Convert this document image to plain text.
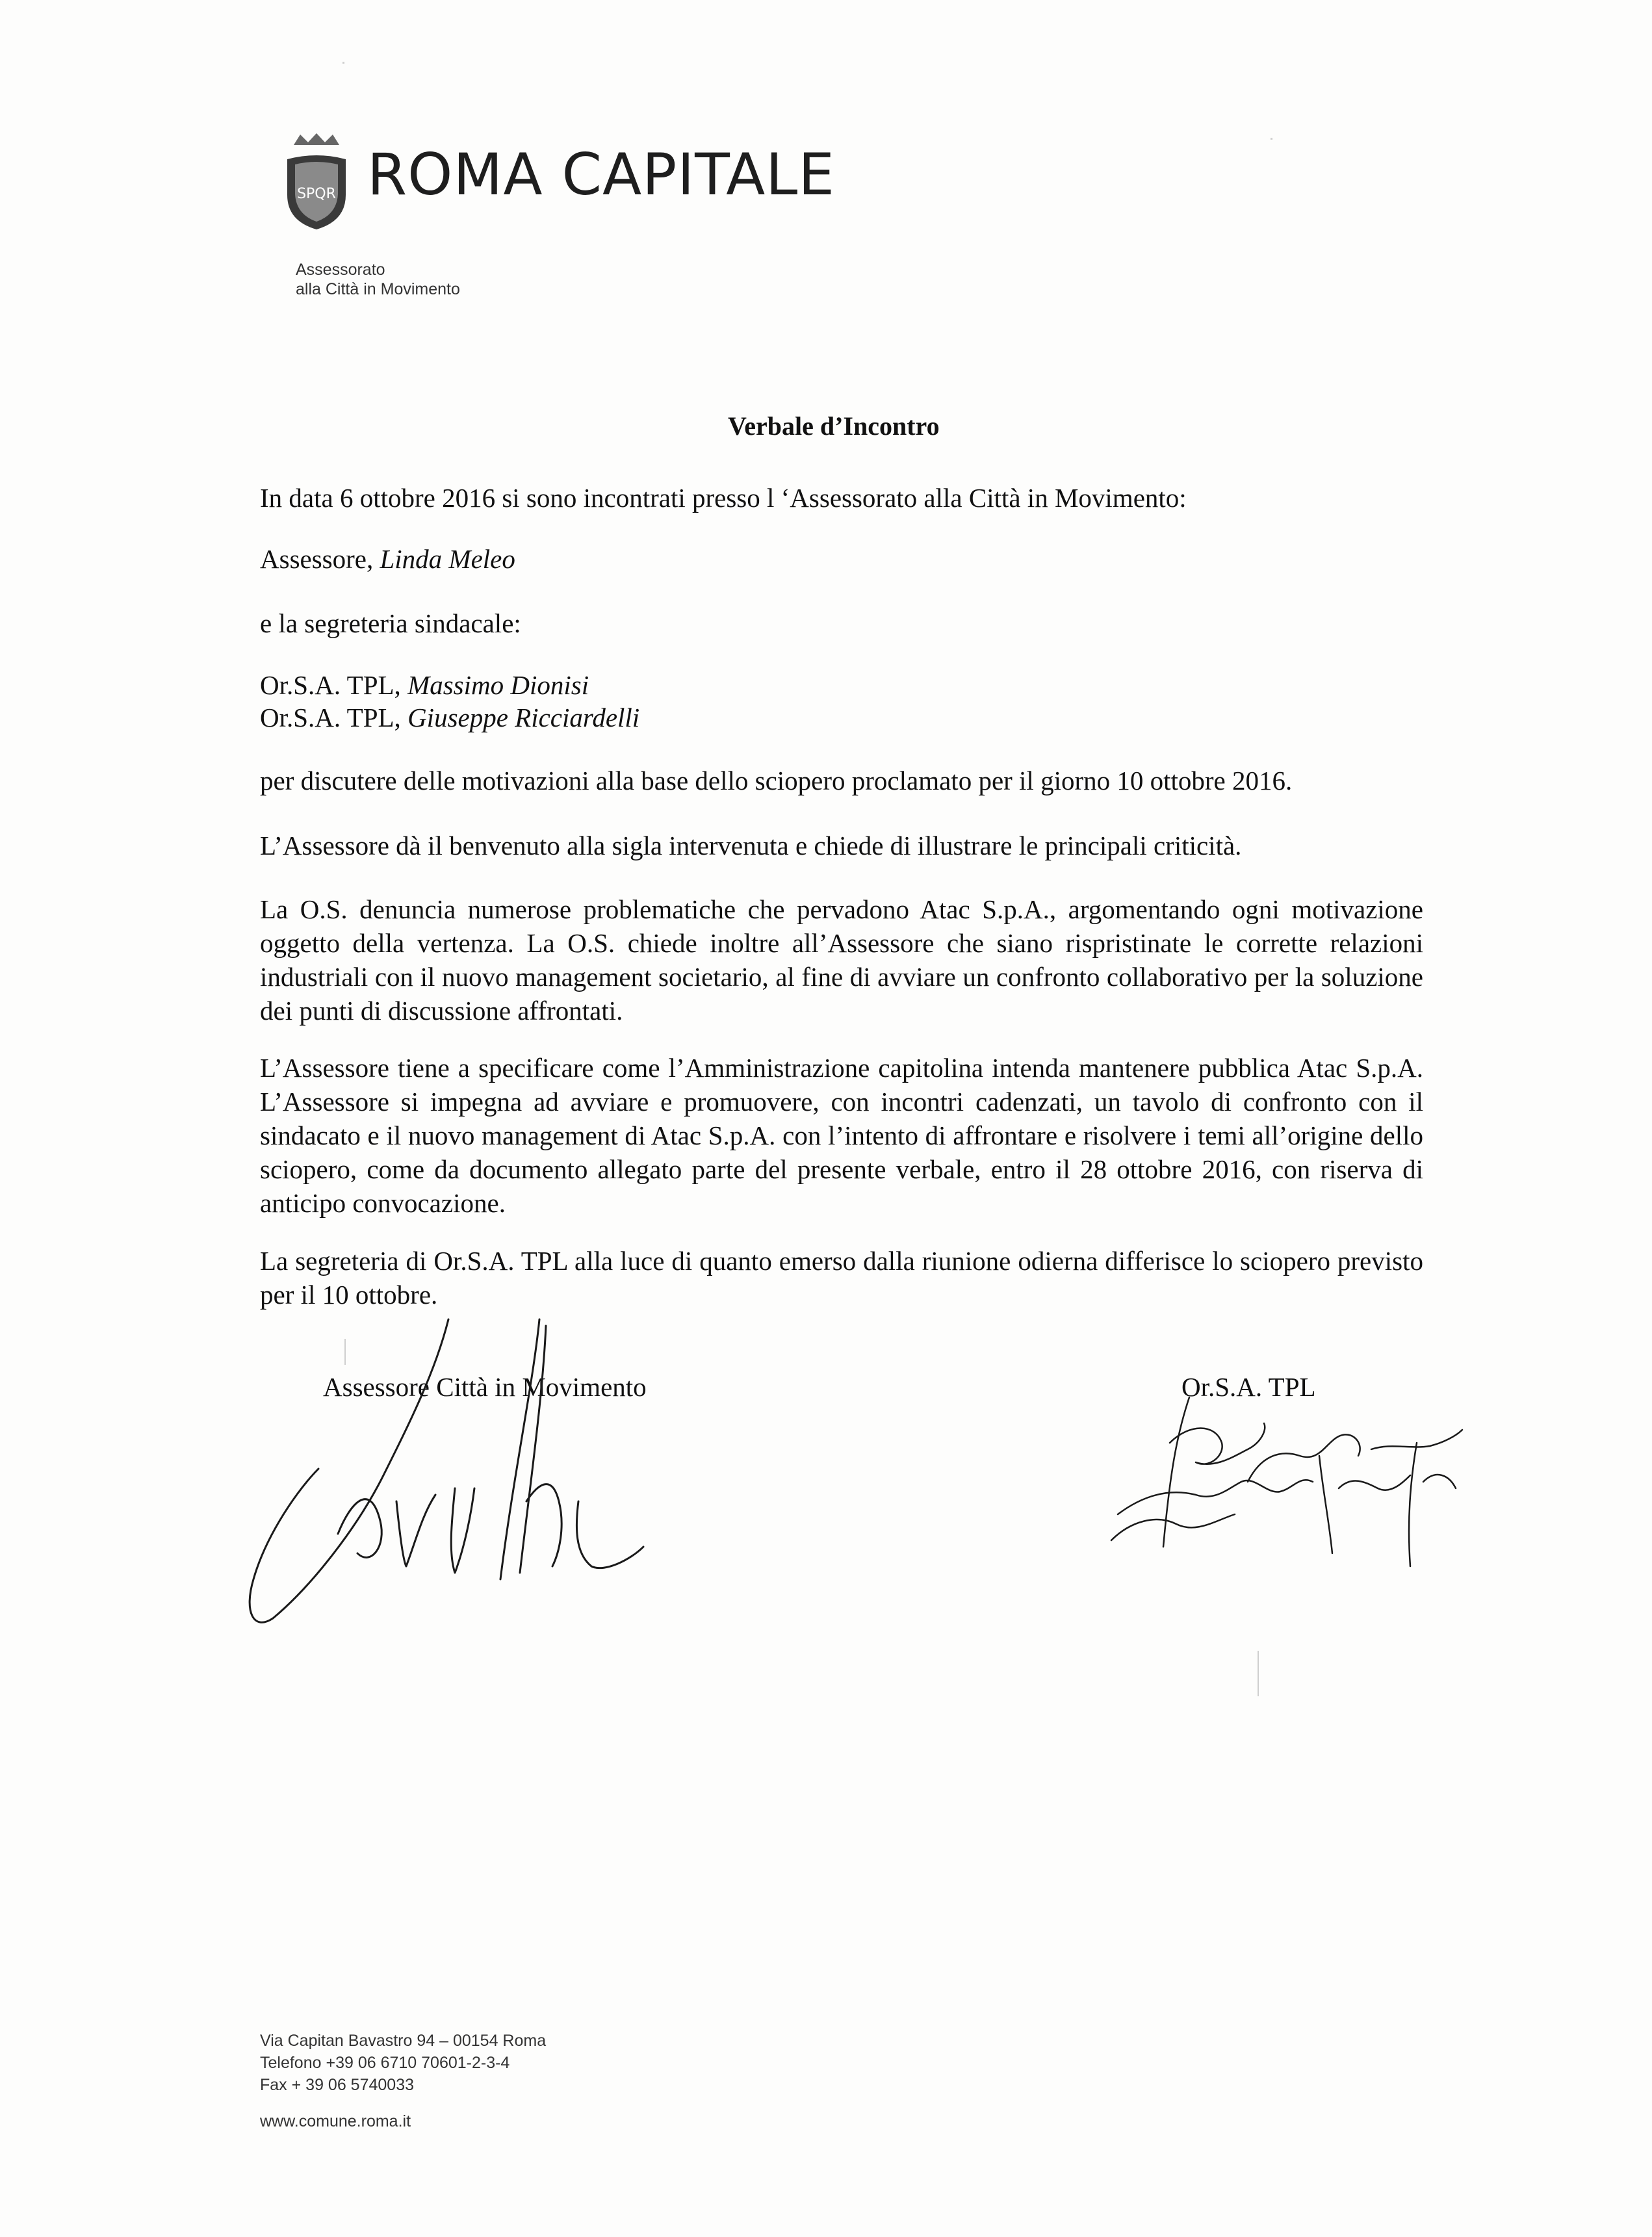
SPQR ROMA CAPITALE
Assessorato
alla Città in Movimento
Verbale d’Incontro
In data 6 ottobre 2016 si sono incontrati presso l ‘Assessorato alla Città in Movimento:
Assessore, Linda Meleo
e la segreteria sindacale:
Or.S.A. TPL, Massimo Dionisi
Or.S.A. TPL, Giuseppe Ricciardelli
per discutere delle motivazioni alla base dello sciopero proclamato per il giorno 10 ottobre 2016.
L’Assessore dà il benvenuto alla sigla intervenuta e chiede di illustrare le principali criticità.
La O.S. denuncia numerose problematiche che pervadono Atac S.p.A., argomentando ogni motivazione oggetto della vertenza. La O.S. chiede inoltre all’Assessore che siano rispristinate le corrette relazioni industriali con il nuovo management societario, al fine di avviare un confronto collaborativo per la soluzione dei punti di discussione affrontati.
L’Assessore tiene a specificare come l’Amministrazione capitolina intenda mantenere pubblica Atac S.p.A. L’Assessore si impegna ad avviare e promuovere, con incontri cadenzati, un tavolo di confronto con il sindacato e il nuovo management di Atac S.p.A. con l’intento di affrontare e risolvere i temi all’origine dello sciopero, come da documento allegato parte del presente verbale, entro il 28 ottobre 2016, con riserva di anticipo convocazione.
La segreteria di Or.S.A. TPL alla luce di quanto emerso dalla riunione odierna differisce lo sciopero previsto per il 10 ottobre.
Assessore Città in Movimento	Or.S.A. TPL
Via Capitan Bavastro 94 – 00154 Roma
Telefono +39 06 6710 70601-2-3-4
Fax + 39 06 5740033
www.comune.roma.it
